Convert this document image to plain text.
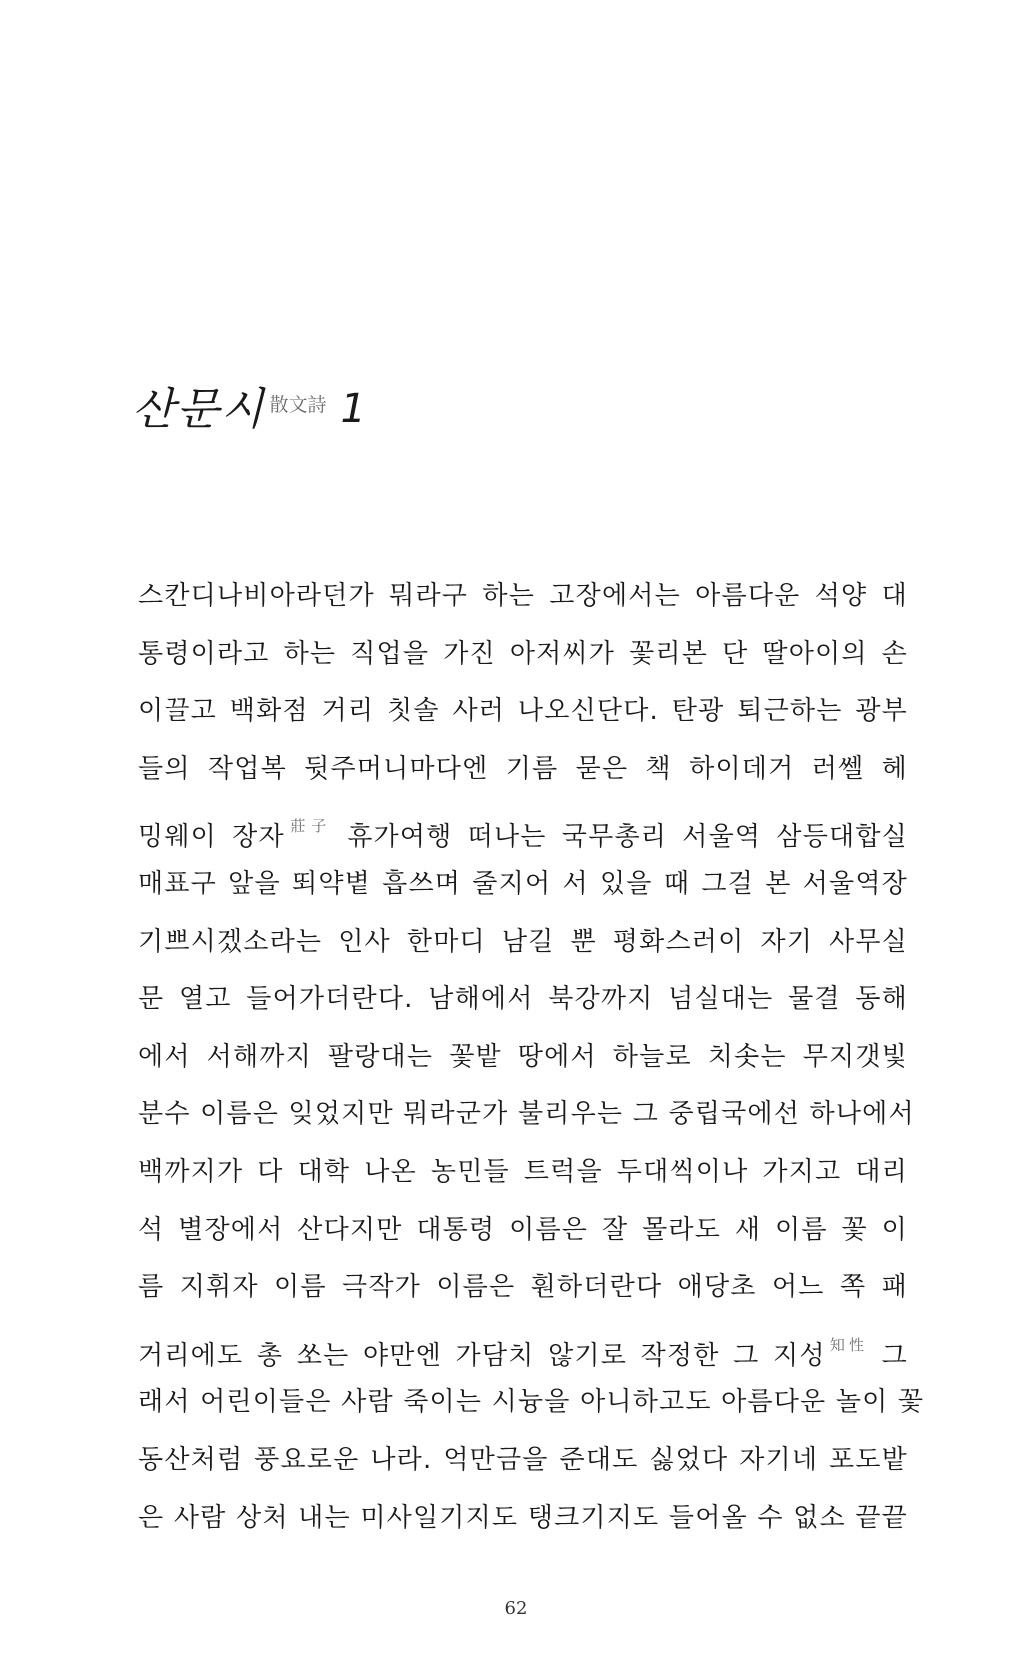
산문시 散文詩 1
스칸디나비아라던가 뭐라구 하는 고장에서는 아름다운 석양 대
통령이라고 하는 직업을 가진 아저씨가 꽃리본 단 딸아이의 손
이끌고 백화점 거리 칫솔 사러 나오신단다. 탄광 퇴근하는 광부
들의 작업복 뒷주머니마다엔 기름 묻은 책 하이데거 러쎌 헤
밍웨이 장자$^{莊子}$ 휴가여행 떠나는 국무총리 서울역 삼등대합실
매표구 앞을 뙤약볕 흡쓰며 줄지어 서 있을 때 그걸 본 서울역장
기쁘시겠소라는 인사 한마디 남길 뿐 평화스러이 자기 사무실
문 열고 들어가더란다. 남해에서 북강까지 넘실대는 물결 동해
에서 서해까지 팔랑대는 꽃밭 땅에서 하늘로 치솟는 무지갯빛
분수 이름은 잊었지만 뭐라군가 불리우는 그 중립국에선 하나에서
백까지가 다 대학 나온 농민들 트럭을 두대씩이나 가지고 대리
석 별장에서 산다지만 대통령 이름은 잘 몰라도 새 이름 꽃 이
름 지휘자 이름 극작가 이름은 훤하더란다 애당초 어느 쪽 패
거리에도 총 쏘는 야만엔 가담치 않기로 작정한 그 지성$^{知性}$ 그
래서 어린이들은 사람 죽이는 시늉을 아니하고도 아름다운 놀이 꽃
동산처럼 풍요로운 나라. 억만금을 준대도 싫었다 자기네 포도밭
은 사람 상처 내는 미사일기지도 탱크기지도 들어올 수 없소 끝끝
62
